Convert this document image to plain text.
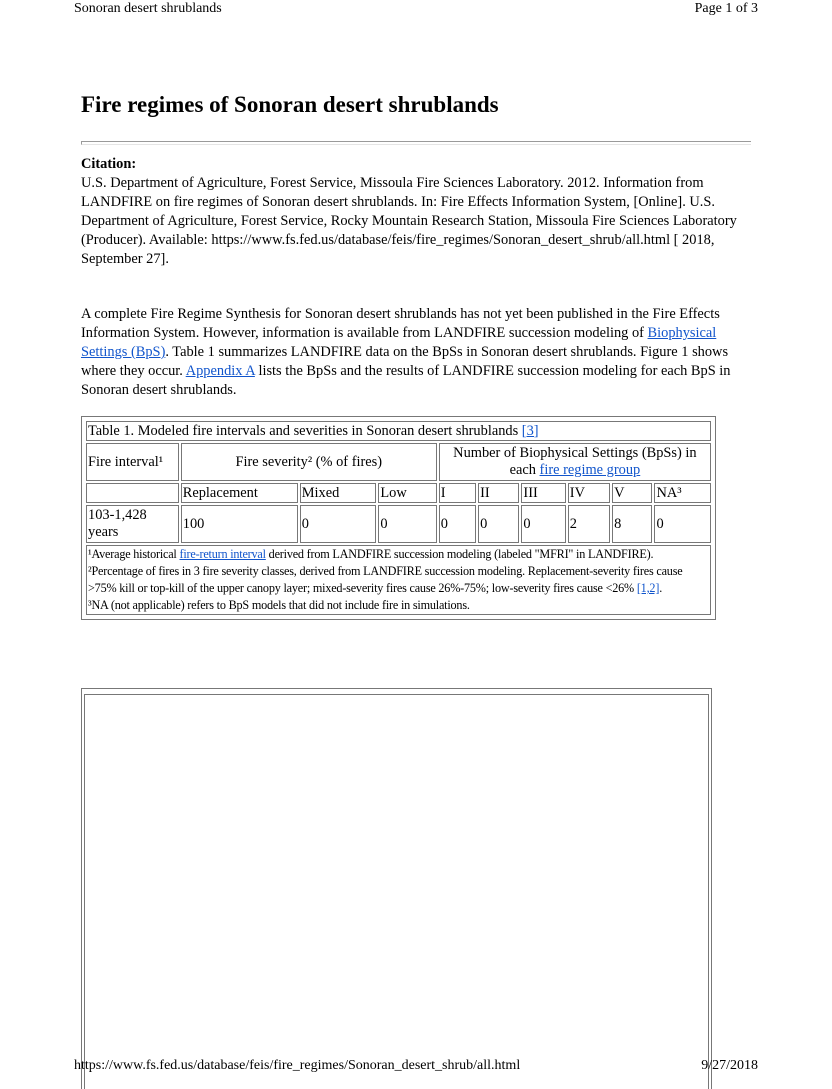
Sonoran desert shrublands	Page 1 of 3
Fire regimes of Sonoran desert shrublands
Citation:
U.S. Department of Agriculture, Forest Service, Missoula Fire Sciences Laboratory. 2012. Information from LANDFIRE on fire regimes of Sonoran desert shrublands. In: Fire Effects Information System, [Online]. U.S. Department of Agriculture, Forest Service, Rocky Mountain Research Station, Missoula Fire Sciences Laboratory (Producer). Available: https://www.fs.fed.us/database/feis/fire_regimes/Sonoran_desert_shrub/all.html [ 2018, September 27].
A complete Fire Regime Synthesis for Sonoran desert shrublands has not yet been published in the Fire Effects Information System. However, information is available from LANDFIRE succession modeling of Biophysical Settings (BpS). Table 1 summarizes LANDFIRE data on the BpSs in Sonoran desert shrublands. Figure 1 shows where they occur. Appendix A lists the BpSs and the results of LANDFIRE succession modeling for each BpS in Sonoran desert shrublands.
Table 1. Modeled fire intervals and severities in Sonoran desert shrublands [3]									
Fire interval¹	Fire severity² (% of fires)			Number of Biophysical Settings (BpSs) in each fire regime group					
	Replacement	Mixed	Low	I	II	III	IV	V	NA³
103-1,428 years	100	0	0	0	0	0	2	8	0

¹Average historical fire-return interval derived from LANDFIRE succession modeling (labeled "MFRI" in LANDFIRE).
²Percentage of fires in 3 fire severity classes, derived from LANDFIRE succession modeling. Replacement-severity fires cause >75% kill or top-kill of the upper canopy layer; mixed-severity fires cause 26%-75%; low-severity fires cause <26% [1,2].
³NA (not applicable) refers to BpS models that did not include fire in simulations.									
https://www.fs.fed.us/database/feis/fire_regimes/Sonoran_desert_shrub/all.html	9/27/2018
